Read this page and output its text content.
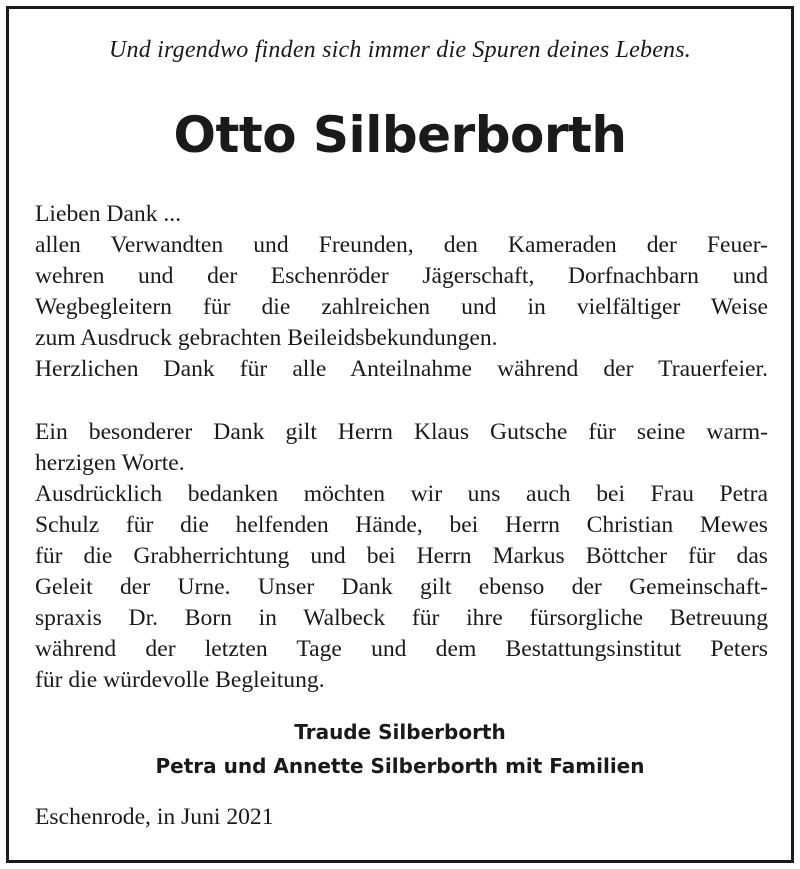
Und irgendwo finden sich immer die Spuren deines Lebens.

Otto Silberborth
Lieben Dank ...
allen Verwandten und Freunden, den Kameraden der Feuer-
wehren und der Eschenröder Jägerschaft, Dorfnachbarn und
Wegbegleitern für die zahlreichen und in vielfältiger Weise
zum Ausdruck gebrachten Beileidsbekundungen.
Herzlichen Dank für alle Anteilnahme während der Trauerfeier.
Ein besonderer Dank gilt Herrn Klaus Gutsche für seine warm-
herzigen Worte.
Ausdrücklich bedanken möchten wir uns auch bei Frau Petra
Schulz für die helfenden Hände, bei Herrn Christian Mewes
für die Grabherrichtung und bei Herrn Markus Böttcher für das
Geleit der Urne. Unser Dank gilt ebenso der Gemeinschaft-
spraxis Dr. Born in Walbeck für ihre fürsorgliche Betreuung
während der letzten Tage und dem Bestattungsinstitut Peters
für die würdevolle Begleitung.
Traude Silberborth
Petra und Annette Silberborth mit Familien

Eschenrode, in Juni 2021
